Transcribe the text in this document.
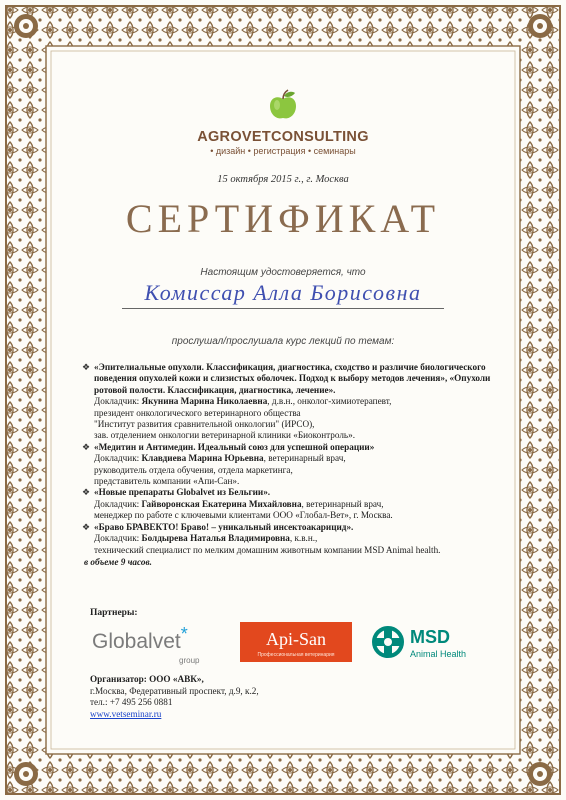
AGROVETCONSULTING
• дизайн • регистрация • семинары
15 октября 2015 г., г. Москва
СЕРТИФИКАТ
Настоящим удостоверяется, что
Комиссар Алла Борисовна
прослушал/прослушала курс лекций по темам:
❖ «Эпителиальные опухоли. Классификация, диагностика, сходство и различие биологического поведения опухолей кожи и слизистых оболочек. Подход к выбору методов лечения», «Опухоли ротовой полости. Классификация, диагностика, лечение».
Докладчик: Якунина Марина Николаевна, д.в.н., онколог-химиотерапевт,
президент онкологического ветеринарного общества
"Институт развития сравнительной онкологии" (ИРСО),
зав. отделением онкологии ветеринарной клиники «Биоконтроль».
❖ «Медитин и Антимедин. Идеальный союз для успешной операции»
Докладчик: Клавдиева Марина Юрьевна, ветеринарный врач,
руководитель отдела обучения, отдела маркетинга,
представитель компании «Апи-Сан».
❖ «Новые препараты Globalvet из Бельгии».
Докладчик: Гайворонская Екатерина Михайловна, ветеринарный врач,
менеджер по работе с ключевыми клиентами ООО «Глобал-Вет», г. Москва.
❖ «Браво БРАВЕКТО! Браво! – уникальный инсектоакарицид».
Докладчик: Болдырева Наталья Владимировна, к.в.н.,
технический специалист по мелким домашним животным компании MSD Animal health.
в объеме 9 часов.
Партнеры:
Globalvet*
group
Api-San
Профессиональная ветеринария
MSD
Animal Health
Организатор: ООО «АВК»,
г.Москва, Федеративный проспект, д.9, к.2,
тел.: +7 495 256 0881
www.vetseminar.ru
